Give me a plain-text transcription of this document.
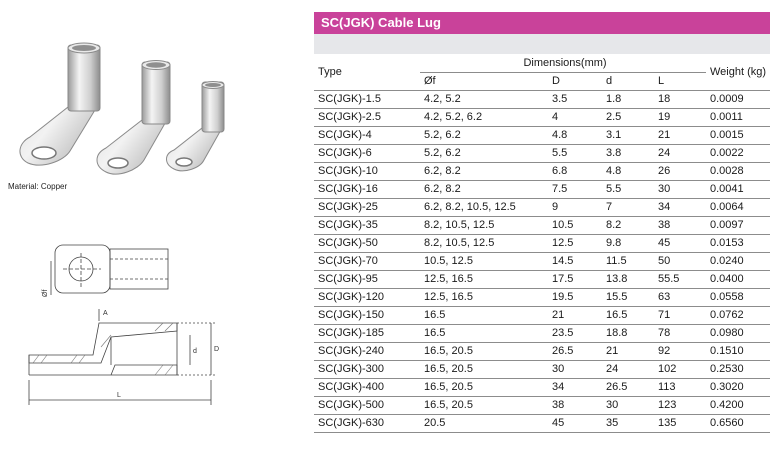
Material: Copper
A
Øf
d D
L
SC(JGK) Cable Lug
Type	Dimensions(mm)				Weight (kg)
	Øf	D	d	L	
SC(JGK)-1.5	4.2, 5.2	3.5	1.8	18	0.0009
SC(JGK)-2.5	4.2, 5.2, 6.2	4	2.5	19	0.0011
SC(JGK)-4	5.2, 6.2	4.8	3.1	21	0.0015
SC(JGK)-6	5.2, 6.2	5.5	3.8	24	0.0022
SC(JGK)-10	6.2, 8.2	6.8	4.8	26	0.0028
SC(JGK)-16	6.2, 8.2	7.5	5.5	30	0.0041
SC(JGK)-25	6.2, 8.2, 10.5, 12.5	9	7	34	0.0064
SC(JGK)-35	8.2, 10.5, 12.5	10.5	8.2	38	0.0097
SC(JGK)-50	8.2, 10.5, 12.5	12.5	9.8	45	0.0153
SC(JGK)-70	10.5, 12.5	14.5	11.5	50	0.0240
SC(JGK)-95	12.5, 16.5	17.5	13.8	55.5	0.0400
SC(JGK)-120	12.5, 16.5	19.5	15.5	63	0.0558
SC(JGK)-150	16.5	21	16.5	71	0.0762
SC(JGK)-185	16.5	23.5	18.8	78	0.0980
SC(JGK)-240	16.5, 20.5	26.5	21	92	0.1510
SC(JGK)-300	16.5, 20.5	30	24	102	0.2530
SC(JGK)-400	16.5, 20.5	34	26.5	113	0.3020
SC(JGK)-500	16.5, 20.5	38	30	123	0.4200
SC(JGK)-630	20.5	45	35	135	0.6560
